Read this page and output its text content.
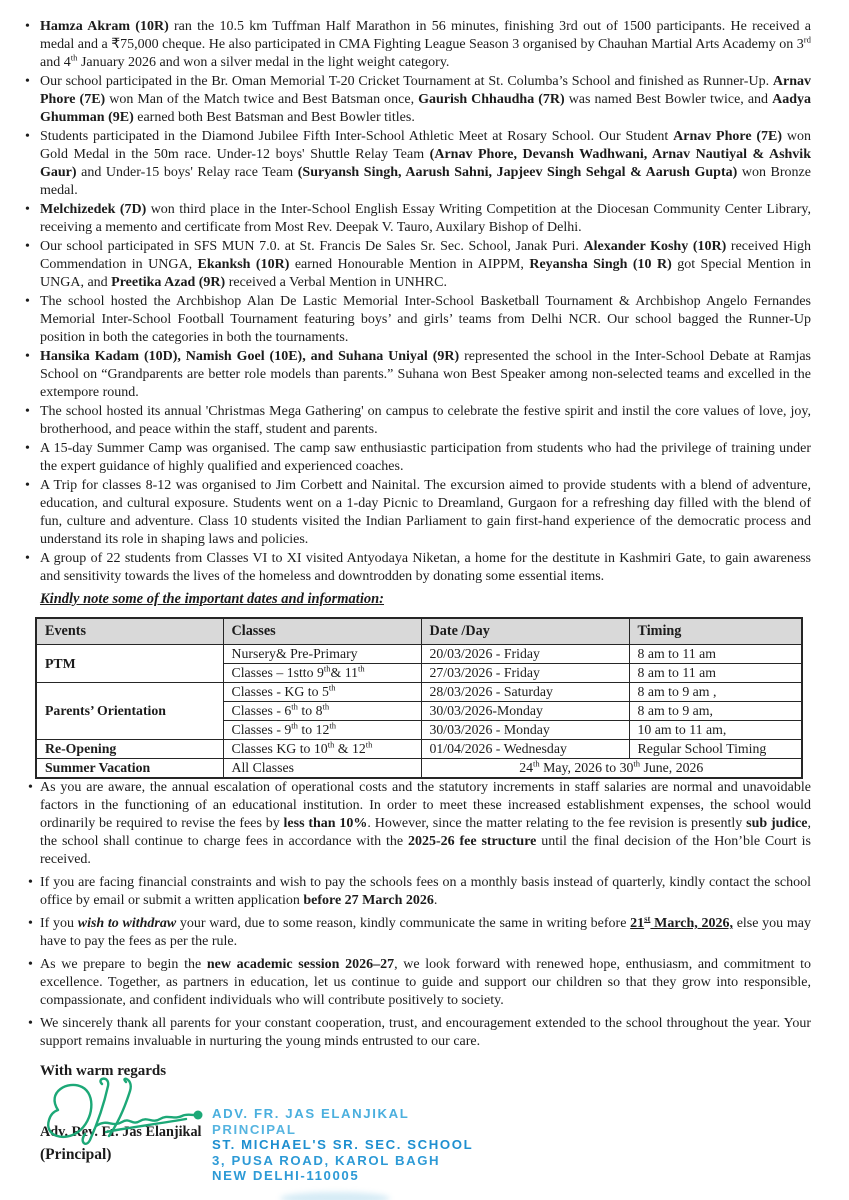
• Hamza Akram (10R) ran the 10.5 km Tuffman Half Marathon in 56 minutes, finishing 3rd out of 1500 participants. He received a medal and a ₹75,000 cheque. He also participated in CMA Fighting League Season 3 organised by Chauhan Martial Arts Academy on 3rd and 4th January 2026 and won a silver medal in the light weight category.
• Our school participated in the Br. Oman Memorial T-20 Cricket Tournament at St. Columba’s School and finished as Runner-Up. Arnav Phore (7E) won Man of the Match twice and Best Batsman once, Gaurish Chhaudha (7R) was named Best Bowler twice, and Aadya Ghumman (9E) earned both Best Batsman and Best Bowler titles.
• Students participated in the Diamond Jubilee Fifth Inter-School Athletic Meet at Rosary School. Our Student Arnav Phore (7E) won Gold Medal in the 50m race. Under-12 boys' Shuttle Relay Team (Arnav Phore, Devansh Wadhwani, Arnav Nautiyal & Ashvik Gaur) and Under-15 boys' Relay race Team (Suryansh Singh, Aarush Sahni, Japjeev Singh Sehgal & Aarush Gupta) won Bronze medal.
• Melchizedek (7D) won third place in the Inter-School English Essay Writing Competition at the Diocesan Community Center Library, receiving a memento and certificate from Most Rev. Deepak V. Tauro, Auxilary Bishop of Delhi.
• Our school participated in SFS MUN 7.0. at St. Francis De Sales Sr. Sec. School, Janak Puri. Alexander Koshy (10R) received High Commendation in UNGA, Ekanksh (10R) earned Honourable Mention in AIPPM, Reyansha Singh (10 R) got Special Mention in UNGA, and Preetika Azad (9R) received a Verbal Mention in UNHRC.
• The school hosted the Archbishop Alan De Lastic Memorial Inter-School Basketball Tournament & Archbishop Angelo Fernandes Memorial Inter-School Football Tournament featuring boys’ and girls’ teams from Delhi NCR. Our school bagged the Runner-Up position in both the categories in both the tournaments.
• Hansika Kadam (10D), Namish Goel (10E), and Suhana Uniyal (9R) represented the school in the Inter-School Debate at Ramjas School on “Grandparents are better role models than parents.” Suhana won Best Speaker among non-selected teams and excelled in the extempore round.
• The school hosted its annual 'Christmas Mega Gathering' on campus to celebrate the festive spirit and instil the core values of love, joy, brotherhood, and peace within the staff, student and parents.
• A 15-day Summer Camp was organised. The camp saw enthusiastic participation from students who had the privilege of training under the expert guidance of highly qualified and experienced coaches.
• A Trip for classes 8-12 was organised to Jim Corbett and Nainital. The excursion aimed to provide students with a blend of adventure, education, and cultural exposure. Students went on a 1-day Picnic to Dreamland, Gurgaon for a refreshing day filled with the blend of fun, culture and adventure. Class 10 students visited the Indian Parliament to gain first-hand experience of the democratic process and understand its role in shaping laws and policies.
• A group of 22 students from Classes VI to XI visited Antyodaya Niketan, a home for the destitute in Kashmiri Gate, to gain awareness and sensitivity towards the lives of the homeless and downtrodden by donating some essential items.
Kindly note some of the important dates and information:
Events	Classes	Date /Day	Timing
PTM	Nursery& Pre-Primary	20/03/2026 - Friday	8 am to 11 am
	Classes – 1stto 9th& 11th	27/03/2026 - Friday	8 am to 11 am
Parents’ Orientation	Classes - KG to 5th	28/03/2026 - Saturday	8 am to 9 am ,
	Classes - 6th to 8th	30/03/2026-Monday	8 am to 9 am,
	Classes - 9th to 12th	30/03/2026 - Monday	10 am to 11 am,
Re-Opening	Classes KG to 10th & 12th	01/04/2026 - Wednesday	Regular School Timing
Summer Vacation	All Classes	24th May, 2026 to 30th June, 2026	
• As you are aware, the annual escalation of operational costs and the statutory increments in staff salaries are normal and unavoidable factors in the functioning of an educational institution. In order to meet these increased establishment expenses, the school would ordinarily be required to revise the fees by less than 10%. However, since the matter relating to the fee revision is presently sub judice, the school shall continue to charge fees in accordance with the 2025-26 fee structure until the final decision of the Hon’ble Court is received.
• If you are facing financial constraints and wish to pay the schools fees on a monthly basis instead of quarterly, kindly contact the school office by email or submit a written application before 27 March 2026.
• If you wish to withdraw your ward, due to some reason, kindly communicate the same in writing before 21st March, 2026, else you may have to pay the fees as per the rule.
• As we prepare to begin the new academic session 2026–27, we look forward with renewed hope, enthusiasm, and commitment to excellence. Together, as partners in education, let us continue to guide and support our children so that they grow into responsible, compassionate, and confident individuals who will contribute positively to society.
• We sincerely thank all parents for your constant cooperation, trust, and encouragement extended to the school throughout the year. Your support remains invaluable in nurturing the young minds entrusted to our care.
With warm regards
Adv. Rev. Fr. Jas Elanjikal
(Principal)
ADV. FR. JAS ELANJIKAL
PRINCIPAL
ST. MICHAEL'S SR. SEC. SCHOOL
3, PUSA ROAD, KAROL BAGH
NEW DELHI-110005
